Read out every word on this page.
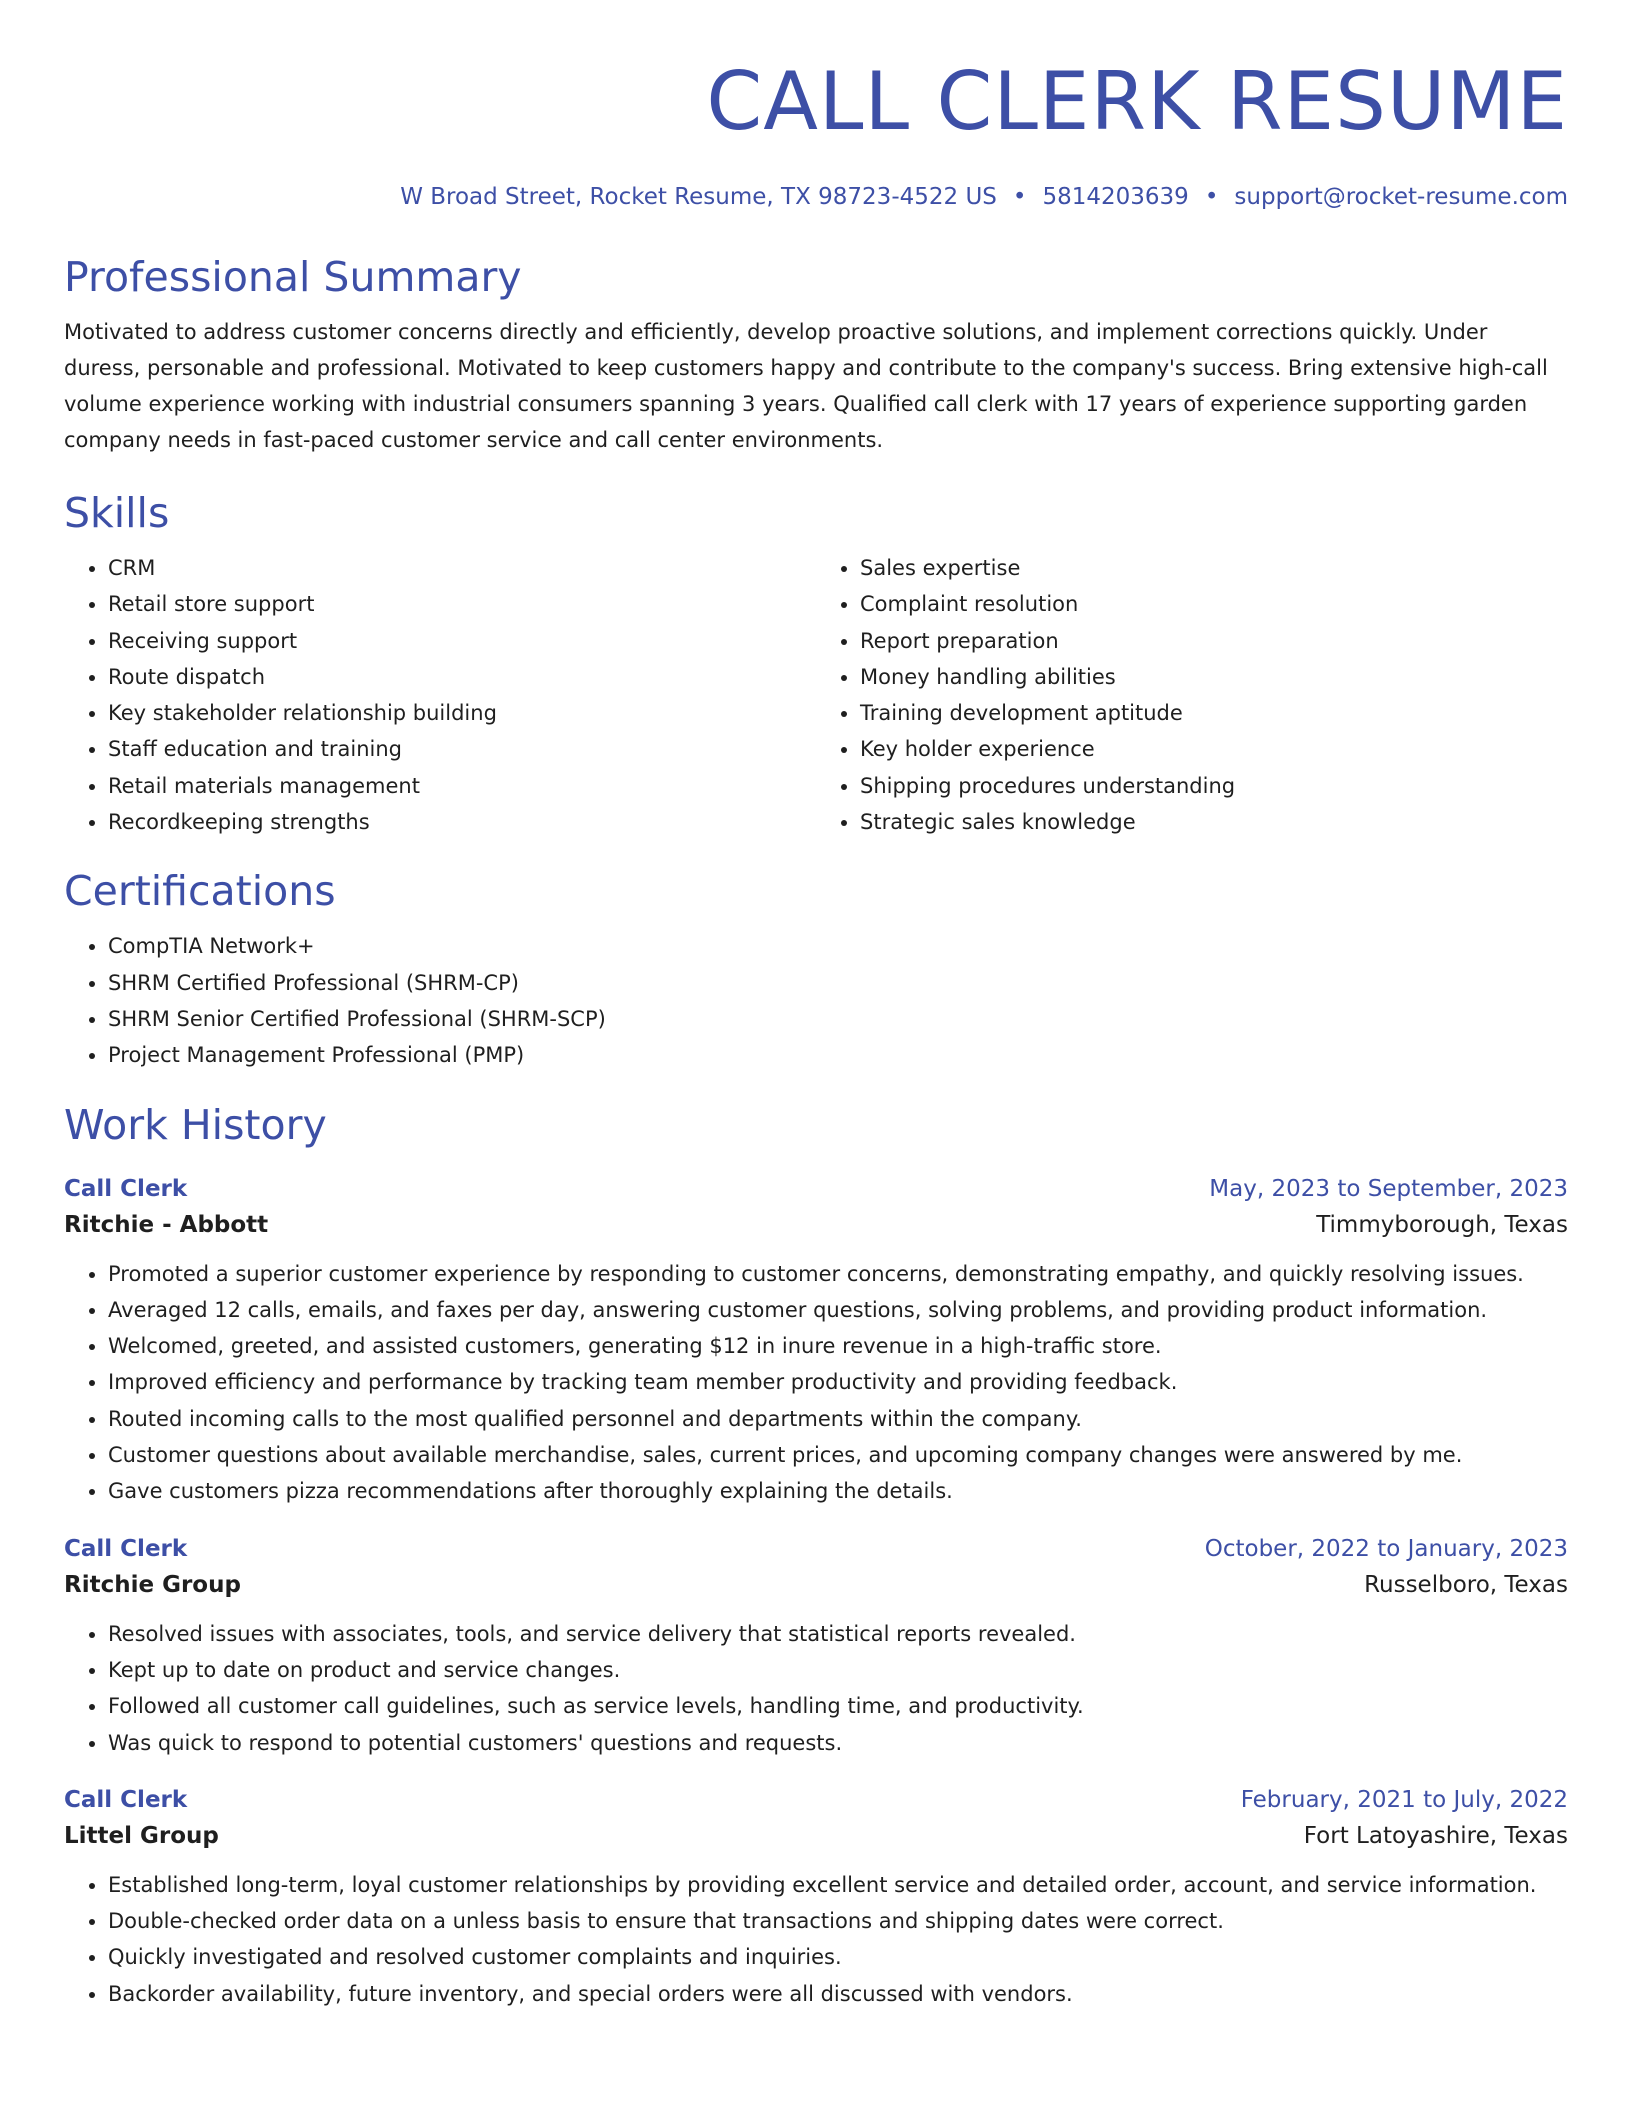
CALL CLERK RESUME
W Broad Street, Rocket Resume, TX 98723-4522 US • 5814203639 • support@rocket-resume.com
Professional Summary
Motivated to address customer concerns directly and efficiently, develop proactive solutions, and implement corrections quickly. Under duress, personable and professional. Motivated to keep customers happy and contribute to the company's success. Bring extensive high-call volume experience working with industrial consumers spanning 3 years. Qualified call clerk with 17 years of experience supporting garden company needs in fast-paced customer service and call center environments.
Skills
• CRM
• Retail store support
• Receiving support
• Route dispatch
• Key stakeholder relationship building
• Staff education and training
• Retail materials management
• Recordkeeping strengths
• Sales expertise
• Complaint resolution
• Report preparation
• Money handling abilities
• Training development aptitude
• Key holder experience
• Shipping procedures understanding
• Strategic sales knowledge
Certifications
• CompTIA Network+
• SHRM Certified Professional (SHRM-CP)
• SHRM Senior Certified Professional (SHRM-SCP)
• Project Management Professional (PMP)
Work History
Call Clerk	May, 2023 to September, 2023
Ritchie - Abbott	Timmyborough, Texas
• Promoted a superior customer experience by responding to customer concerns, demonstrating empathy, and quickly resolving issues.
• Averaged 12 calls, emails, and faxes per day, answering customer questions, solving problems, and providing product information.
• Welcomed, greeted, and assisted customers, generating $12 in inure revenue in a high-traffic store.
• Improved efficiency and performance by tracking team member productivity and providing feedback.
• Routed incoming calls to the most qualified personnel and departments within the company.
• Customer questions about available merchandise, sales, current prices, and upcoming company changes were answered by me.
• Gave customers pizza recommendations after thoroughly explaining the details.
Call Clerk	October, 2022 to January, 2023
Ritchie Group	Russelboro, Texas
• Resolved issues with associates, tools, and service delivery that statistical reports revealed.
• Kept up to date on product and service changes.
• Followed all customer call guidelines, such as service levels, handling time, and productivity.
• Was quick to respond to potential customers' questions and requests.
Call Clerk	February, 2021 to July, 2022
Littel Group	Fort Latoyashire, Texas
• Established long-term, loyal customer relationships by providing excellent service and detailed order, account, and service information.
• Double-checked order data on a unless basis to ensure that transactions and shipping dates were correct.
• Quickly investigated and resolved customer complaints and inquiries.
• Backorder availability, future inventory, and special orders were all discussed with vendors.
